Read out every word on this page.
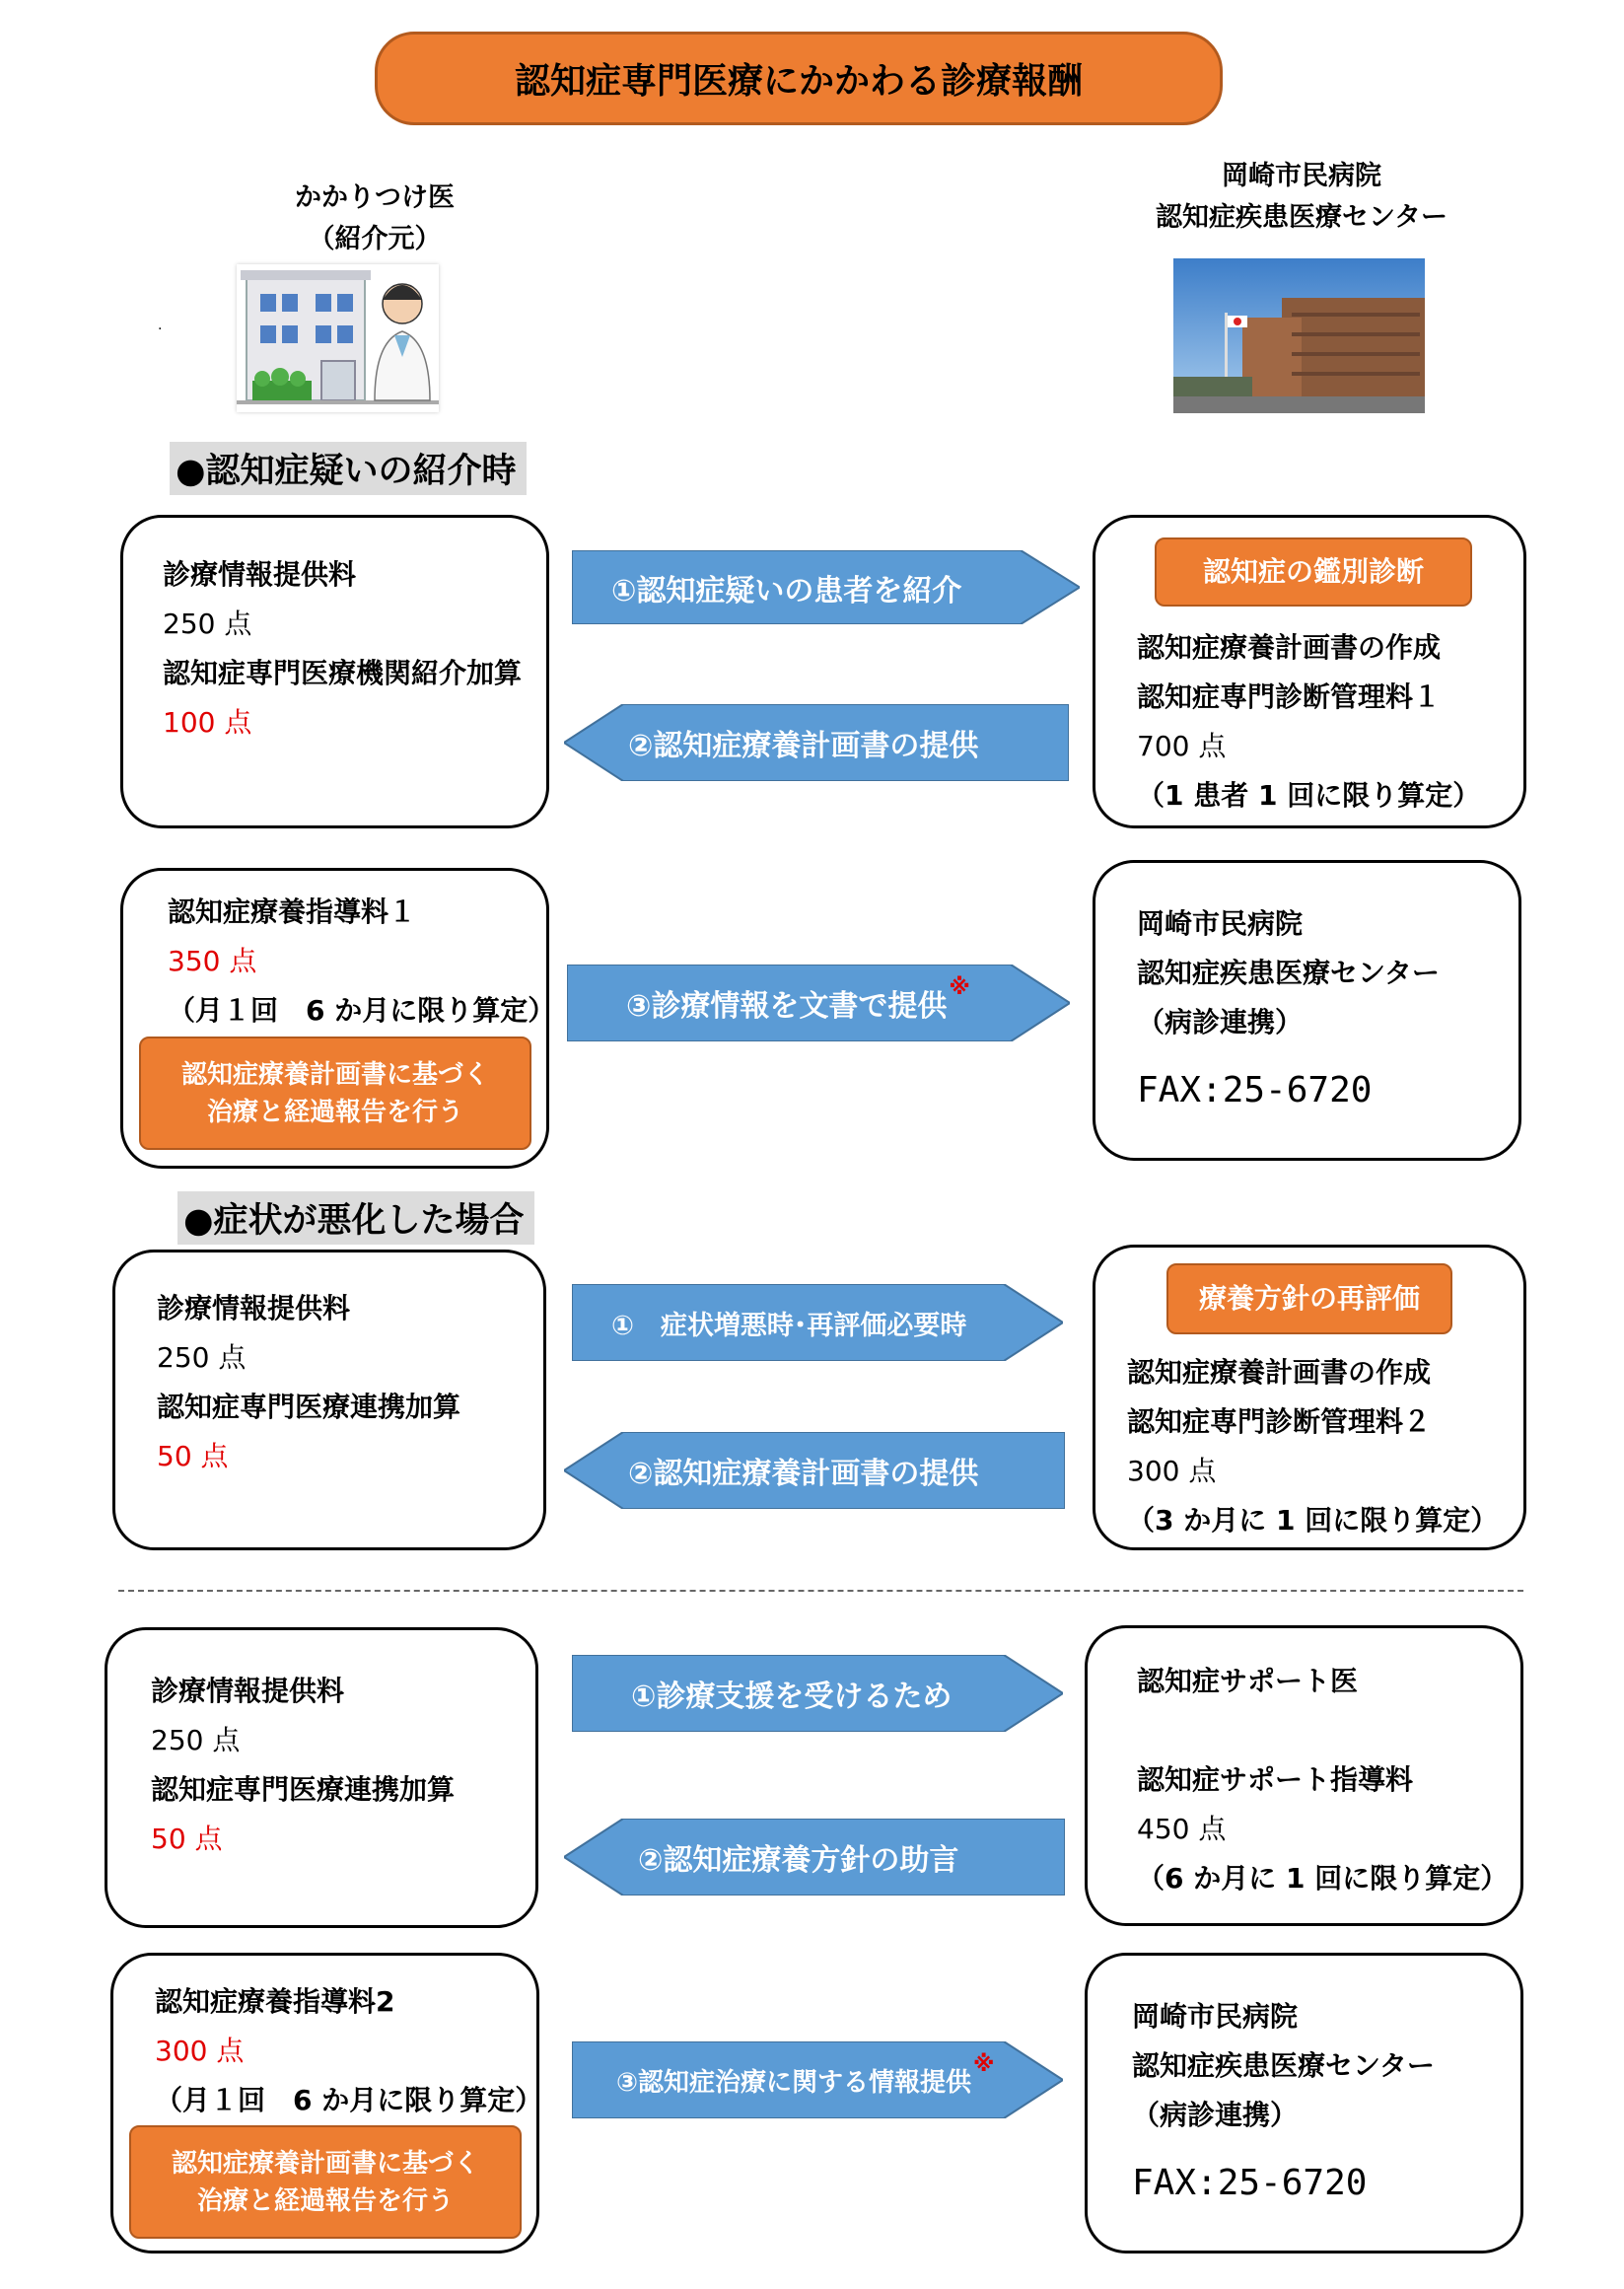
認知症専門医療にかかわる診療報酬
かかりつけ医
（紹介元）
.
岡崎市民病院
認知症疾患医療センター
●認知症疑いの紹介時
診療情報提供料
250 点
認知症専門医療機関紹介加算
100 点
①認知症疑いの患者を紹介
②認知症療養計画書の提供
認知症の鑑別診断
認知症療養計画書の作成
認知症専門診断管理料１
700 点
（1 患者 1 回に限り算定）
認知症療養指導料１
350 点
（月１回　6 か月に限り算定）
認知症療養計画書に基づく
治療と経過報告を行う
③診療情報を文書で提供
※
岡崎市民病院
認知症疾患医療センター
（病診連携）
FAX:25-6720
●症状が悪化した場合
診療情報提供料
250 点
認知症専門医療連携加算
50 点
①　症状増悪時･再評価必要時
②認知症療養計画書の提供
療養方針の再評価
認知症療養計画書の作成
認知症専門診断管理料２
300 点
（3 か月に 1 回に限り算定）
診療情報提供料
250 点
認知症専門医療連携加算
50 点
①診療支援を受けるため
②認知症療養方針の助言
認知症サポート医
認知症サポート指導料
450 点
（6 か月に 1 回に限り算定）
認知症療養指導料2
300 点
（月１回　6 か月に限り算定）
認知症療養計画書に基づく
治療と経過報告を行う
③認知症治療に関する情報提供
※
岡崎市民病院
認知症疾患医療センター
（病診連携）
FAX:25-6720
